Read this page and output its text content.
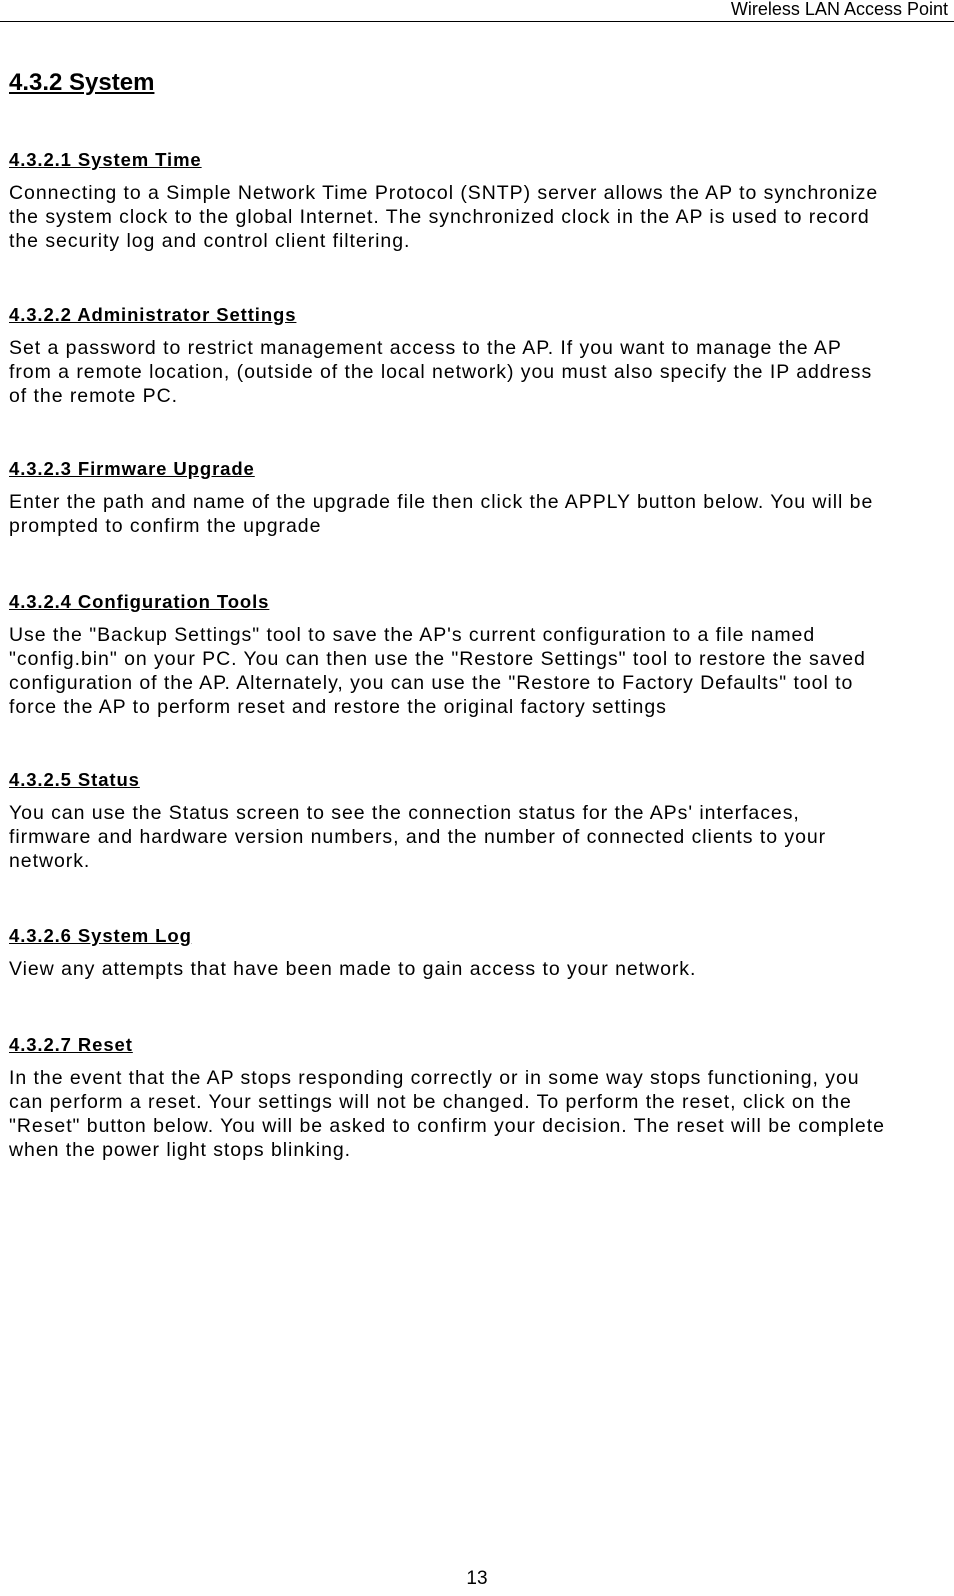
Wireless LAN Access Point
4.3.2 System
4.3.2.1 System Time

Connecting to a Simple Network Time Protocol (SNTP) server allows the AP to synchronize
the system clock to the global Internet. The synchronized clock in the AP is used to record
the security log and control client filtering.

4.3.2.2 Administrator Settings

Set a password to restrict management access to the AP. If you want to manage the AP
from a remote location, (outside of the local network) you must also specify the IP address
of the remote PC.

4.3.2.3 Firmware Upgrade

Enter the path and name of the upgrade file then click the APPLY button below. You will be
prompted to confirm the upgrade

4.3.2.4 Configuration Tools

Use the "Backup Settings" tool to save the AP's current configuration to a file named
"config.bin" on your PC. You can then use the "Restore Settings" tool to restore the saved
configuration of the AP. Alternately, you can use the "Restore to Factory Defaults" tool to
force the AP to perform reset and restore the original factory settings

4.3.2.5 Status

You can use the Status screen to see the connection status for the APs' interfaces,
firmware and hardware version numbers, and the number of connected clients to your
network.

4.3.2.6 System Log

View any attempts that have been made to gain access to your network.

4.3.2.7 Reset

In the event that the AP stops responding correctly or in some way stops functioning, you
can perform a reset. Your settings will not be changed. To perform the reset, click on the
"Reset" button below. You will be asked to confirm your decision. The reset will be complete
when the power light stops blinking.

13
